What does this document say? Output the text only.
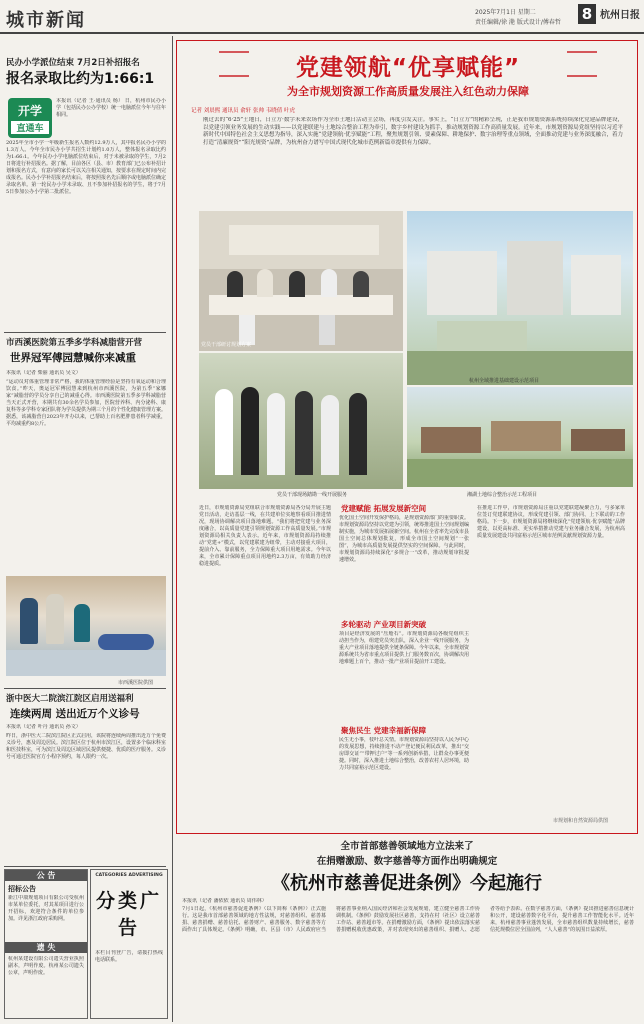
城市新闻	2025年7月1日 星期二
责任编辑/徐 滟 版式设计/傅春哲 8 杭州日报
民办小学派位结束 7月2日补招报名
报名录取比约为1:66:1
开学
直通车
本报讯（记者 王·通讯员 杨） 日，杭州市民办小学（包括民办公办学校）统一电脑派位今年与往年相同。
2025年全市小学一年级新生报名人数约12.9万人，其中报名民办小学的1.3万人。今年全市民办小学共招生计划约1.0万人，整体报名录取比约为1:66:1。今年民办小学电脑派位结束后，对于未被录取的学生，7月2日将进行补招报名。据了解，目前各区（县、市）教育部门已公布补招计划和报名方式，有意向的家长可以关注相关通知，按要求在规定时间内完成报名。民办小学补招报名结束后，将按照报名先后顺序或电脑派位确定录取名单。第一轮民办小学未录取、且不参加补招报名的学生，将于7月5日参加公办小学第二批派位。
市西溪医院第五季多学科减脂营开营
世界冠军傅园慧喊你来减重
本报讯（记者 柴丽 通讯员 吴文）
“运动员对体重管理非常严格，我的体重管理经验是坚持有氧运动和合理饮食。”昨天，奥运冠军傅园慧来到杭州市西溪医院，为第五季“家娜家”减脂营的学员分享自己的减重心得。市西溪医院第五季多学科减脂营当天正式开营，本期共有30余名学员参加，医院营养科、内分泌科、康复科等多学科专家团队将为学员提供为期三个月的个性化健康管理方案。据悉，该减脂营自2023年开办以来，已帮助上百名肥胖患者科学减重，平均减重约8公斤。
市西溪医院供图
浙中医大二院滨江院区启用送福利
连续两周 送出近万个义诊号
本报讯（记者 叶丹 通讯员 孙文）
昨日，浙中医大二院滨江院区正式启用，该院将连续两周推出近万个免费义诊号，惠及周边居民。滨江院区位于杭州市滨江区，设置多个临床科室和医技科室，可为滨江及周边区域居民提供便捷、优质的医疗服务。义诊号可通过医院官方小程序预约，每人限约一次。
公 告
招标公告
新江中康规划项目有限公司受杭州市某单位委托，对其某项目进行公开招标，欢迎符合条件的单位参加。详见浙江政府采购网。
遗 失
杭州某建设有限公司遗失营业执照副本，声明作废。杭州某公司遗失公章，声明作废。
CATEGORIES ADVERTISING
分类广告
本栏目刊登广告，请拨打热线电话联系。
党建领航“优享赋能”
为全市规划资源工作高质量发展注入红色动力保障
记者 刘晨熙 通讯员 俞轩 张帅 韦晓倩 叶虎
刚过去的“6·25”土地日，日立方·数字未来农场作为全市土地日活动主会场，再度引发关注。事实上，“日立方”的精彩呈现，正是我市规划资源系统持续深化党建品牌建设，以党建引领业务发展的生动实践——以党建联建与土地综合整治工程为牵引，数字乡村建设为抓手，推动规划资源工作高质量发展。近年来，市规划资源局党组坚持以习近平新时代中国特色社会主义思想为指导，深入实施“党建领航·优享赋能”工程，聚焦规划引领、要素保障、耕地保护、数字治理等重点领域，全面推动党建与业务深度融合，着力打造“清廉规资”“阳光规资”品牌，为杭州奋力谱写中国式现代化城市范例新篇章提供有力保障。
党员干部研讨规划方案
杭州全域推进基础建设示范项目
党员干部现场踏勘一线开展服务	湘湖土地综合整治示范工程项目
近日，市规划资源局党组联合市规划资源局各分局开展主题党日活动，走访基层一线，在共建单位实地察看项目推进情况，现场协调解决项目落地难题。“我们将把党建与业务深度融合，以高质量党建引领规划资源工作高质量发展。”市规划资源局相关负责人表示。近年来，市规划资源局持续推动“党建+”模式，以党建联建为纽带，主动对接重大项目，提前介入、靠前服务，全力保障重大项目用地需求。今年以来，全市累计保障重点项目用地约2.3万亩，有效助力经济稳进提质。
党建赋能 拓展发展新空间
优化国土空间开发保护格局，是规划资源部门的重要职责。市规划资源局坚持以党建为引领，统筹推进国土空间规划编制实施，为城市发展拓展新空间。杭州在全省率先完成市县国土空间总体规划批复，形成全市国土空间规划“一张图”，为城市高质量发展提供坚实的空间保障。与此同时，市规划资源局持续深化“多规合一”改革，推动规划审批提速增效。
多轮驱动 产业项目新突破
项目是经济发展的“压舱石”。市规划资源局各级党组织主动担当作为，组建党员突击队，深入企业一线开展服务，为重大产业项目落地提供全链条保障。今年以来，全市规划资源系统共为省市重点项目提供上门服务数百次，协调解决用地难题上百个，推动一批产业项目提前开工建设。
聚焦民生 党建幸福新保障
民生无小事，枝叶总关情。市规划资源局坚持以人民为中心的发展思想，持续推进不动产登记便民利民改革，推出“交房即交证”“带押过户”等一系列创新举措，让群众办事更便捷。同时，深入推进土地综合整治，改善农村人居环境，助力共同富裕示范区建设。
在推进工作中，市规划资源局注重以党建联建凝聚合力，与多家单位签订党建联建协议，形成党建引领、部门协同、上下联动的工作格局。下一步，市规划资源局将继续深化“党建领航·优享赋能”品牌建设，以更高标准、更实举措推动党建与业务融合发展，为杭州高质量发展建设共同富裕示范区城市范例贡献规划资源力量。
市规划和自然资源局供图
全市首部慈善领域地方立法来了
在捐赠激励、数字慈善等方面作出明确规定
《杭州市慈善促进条例》今起施行
本报讯（记者 潘依依 通讯员 周伟林）
7月1日起，《杭州市慈善促进条例》（以下简称《条例》）正式施行。这是我市首部慈善领域的地方性法规，对慈善组织、慈善募捐、慈善捐赠、慈善信托、慈善财产、慈善服务、数字慈善等方面作出了具体规定。《条例》明确，市、区县（市）人民政府应当将慈善事业纳入国民经济和社会发展规划，建立健全慈善工作协调机制。《条例》鼓励发展社区慈善，支持在村（社区）设立慈善工作站、慈善超市等。在捐赠激励方面，《条例》提出依法落实慈善捐赠税收优惠政策，并对表现突出的慈善组织、捐赠人、志愿者等给予表彰。在数字慈善方面，《条例》提出推进慈善信息统计和公开，建设慈善数字化平台，提升慈善工作智能化水平。近年来，杭州慈善事业蓬勃发展，全市慈善组织数量持续增长，慈善信托规模位居全国前列，“人人慈善”的氛围日益浓厚。
